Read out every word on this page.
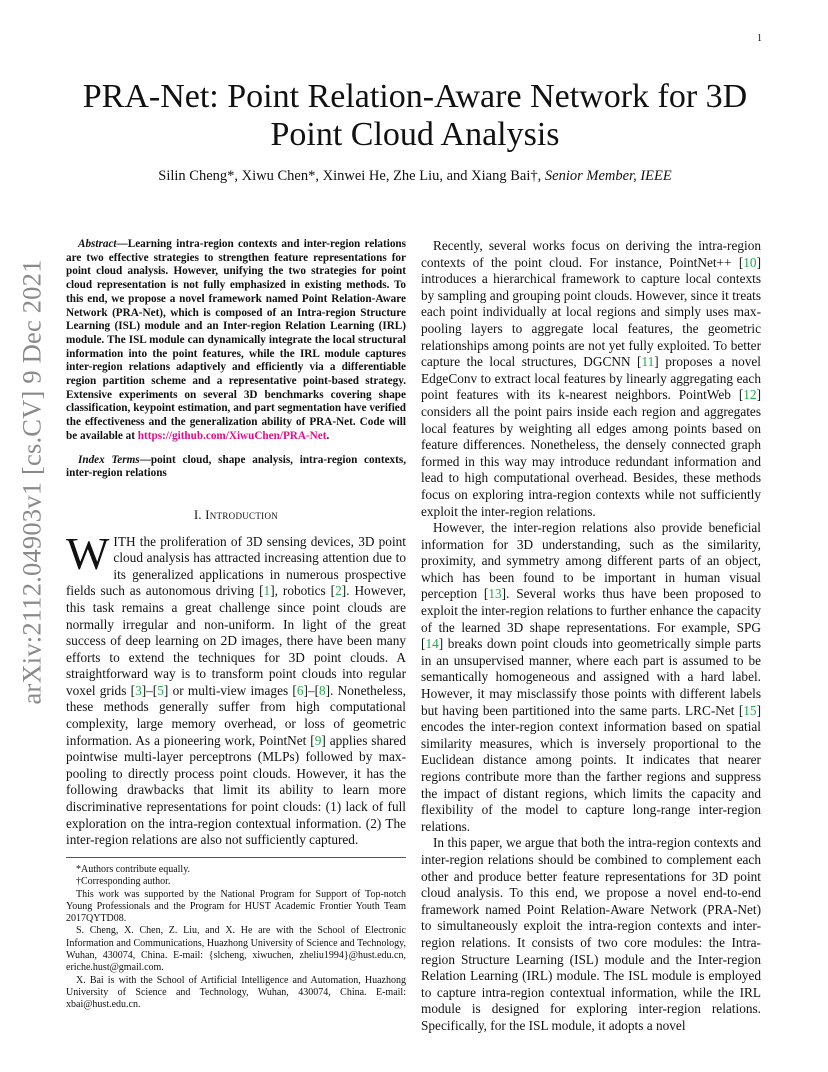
1
arXiv:2112.04903v1 [cs.CV] 9 Dec 2021
PRA-Net: Point Relation-Aware Network for 3D Point Cloud Analysis
Silin Cheng*, Xiwu Chen*, Xinwei He, Zhe Liu, and Xiang Bai†, Senior Member, IEEE

Abstract—Learning intra-region contexts and inter-region relations are two effective strategies to strengthen feature representations for point cloud analysis. However, unifying the two strategies for point cloud representation is not fully emphasized in existing methods. To this end, we propose a novel framework named Point Relation-Aware Network (PRA-Net), which is composed of an Intra-region Structure Learning (ISL) module and an Inter-region Relation Learning (IRL) module. The ISL module can dynamically integrate the local structural information into the point features, while the IRL module captures inter-region relations adaptively and efficiently via a differentiable region partition scheme and a representative point-based strategy. Extensive experiments on several 3D benchmarks covering shape classification, keypoint estimation, and part segmentation have verified the effectiveness and the generalization ability of PRA-Net. Code will be available at https://github.com/XiwuChen/PRA-Net.

Index Terms—point cloud, shape analysis, intra-region contexts, inter-region relations

I. Introduction

WITH the proliferation of 3D sensing devices, 3D point cloud analysis has attracted increasing attention due to its generalized applications in numerous prospective fields such as autonomous driving [1], robotics [2]. However, this task remains a great challenge since point clouds are normally irregular and non-uniform. In light of the great success of deep learning on 2D images, there have been many efforts to extend the techniques for 3D point clouds. A straightforward way is to transform point clouds into regular voxel grids [3]–[5] or multi-view images [6]–[8]. Nonetheless, these methods generally suffer from high computational complexity, large memory overhead, or loss of geometric information. As a pioneering work, PointNet [9] applies shared pointwise multi-layer perceptrons (MLPs) followed by max-pooling to directly process point clouds. However, it has the following drawbacks that limit its ability to learn more discriminative representations for point clouds: (1) lack of full exploration on the intra-region contextual information. (2) The inter-region relations are also not sufficiently captured.

*Authors contribute equally.

†Corresponding author.

This work was supported by the National Program for Support of Top-notch Young Professionals and the Program for HUST Academic Frontier Youth Team 2017QYTD08.

S. Cheng, X. Chen, Z. Liu, and X. He are with the School of Electronic Information and Communications, Huazhong University of Science and Technology, Wuhan, 430074, China. E-mail: {slcheng, xiwuchen, zheliu1994}@hust.edu.cn, eriche.hust@gmail.com.

X. Bai is with the School of Artificial Intelligence and Automation, Huazhong University of Science and Technology, Wuhan, 430074, China. E-mail: xbai@hust.edu.cn.

Recently, several works focus on deriving the intra-region contexts of the point cloud. For instance, PointNet++ [10] introduces a hierarchical framework to capture local contexts by sampling and grouping point clouds. However, since it treats each point individually at local regions and simply uses max-pooling layers to aggregate local features, the geometric relationships among points are not yet fully exploited. To better capture the local structures, DGCNN [11] proposes a novel EdgeConv to extract local features by linearly aggregating each point features with its k-nearest neighbors. PointWeb [12] considers all the point pairs inside each region and aggregates local features by weighting all edges among points based on feature differences. Nonetheless, the densely connected graph formed in this way may introduce redundant information and lead to high computational overhead. Besides, these methods focus on exploring intra-region contexts while not sufficiently exploit the inter-region relations.

However, the inter-region relations also provide beneficial information for 3D understanding, such as the similarity, proximity, and symmetry among different parts of an object, which has been found to be important in human visual perception [13]. Several works thus have been proposed to exploit the inter-region relations to further enhance the capacity of the learned 3D shape representations. For example, SPG [14] breaks down point clouds into geometrically simple parts in an unsupervised manner, where each part is assumed to be semantically homogeneous and assigned with a hard label. However, it may misclassify those points with different labels but having been partitioned into the same parts. LRC-Net [15] encodes the inter-region context information based on spatial similarity measures, which is inversely proportional to the Euclidean distance among points. It indicates that nearer regions contribute more than the farther regions and suppress the impact of distant regions, which limits the capacity and flexibility of the model to capture long-range inter-region relations.

In this paper, we argue that both the intra-region contexts and inter-region relations should be combined to complement each other and produce better feature representations for 3D point cloud analysis. To this end, we propose a novel end-to-end framework named Point Relation-Aware Network (PRA-Net) to simultaneously exploit the intra-region contexts and inter-region relations. It consists of two core modules: the Intra-region Structure Learning (ISL) module and the Inter-region Relation Learning (IRL) module. The ISL module is employed to capture intra-region contextual information, while the IRL module is designed for exploring inter-region relations. Specifically, for the ISL module, it adopts a novel
